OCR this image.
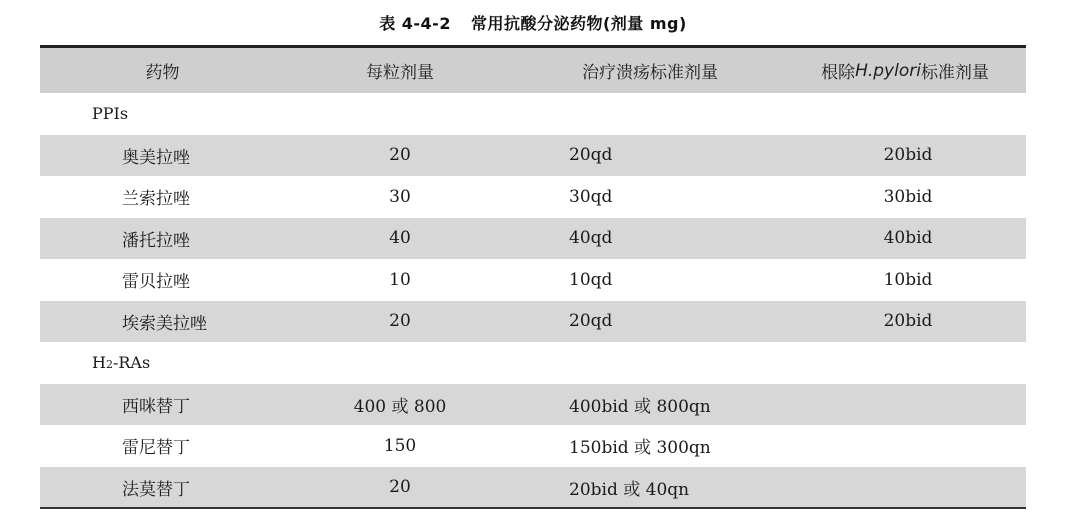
表 4-4-2 常用抗酸分泌药物(剂量 mg)
药物	每粒剂量	治疗溃疡标准剂量	根除 H.pylori 标准剂量
PPIs
奥美拉唑	20	20qd	20bid
兰索拉唑	30	30qd	30bid
潘托拉唑	40	40qd	40bid
雷贝拉唑	10	10qd	10bid
埃索美拉唑	20	20qd	20bid
H 2 -RAs
西咪替丁	400 或 800	400bid 或 800qn
雷尼替丁	150	150bid 或 300qn
法莫替丁	20	20bid 或 40qn
